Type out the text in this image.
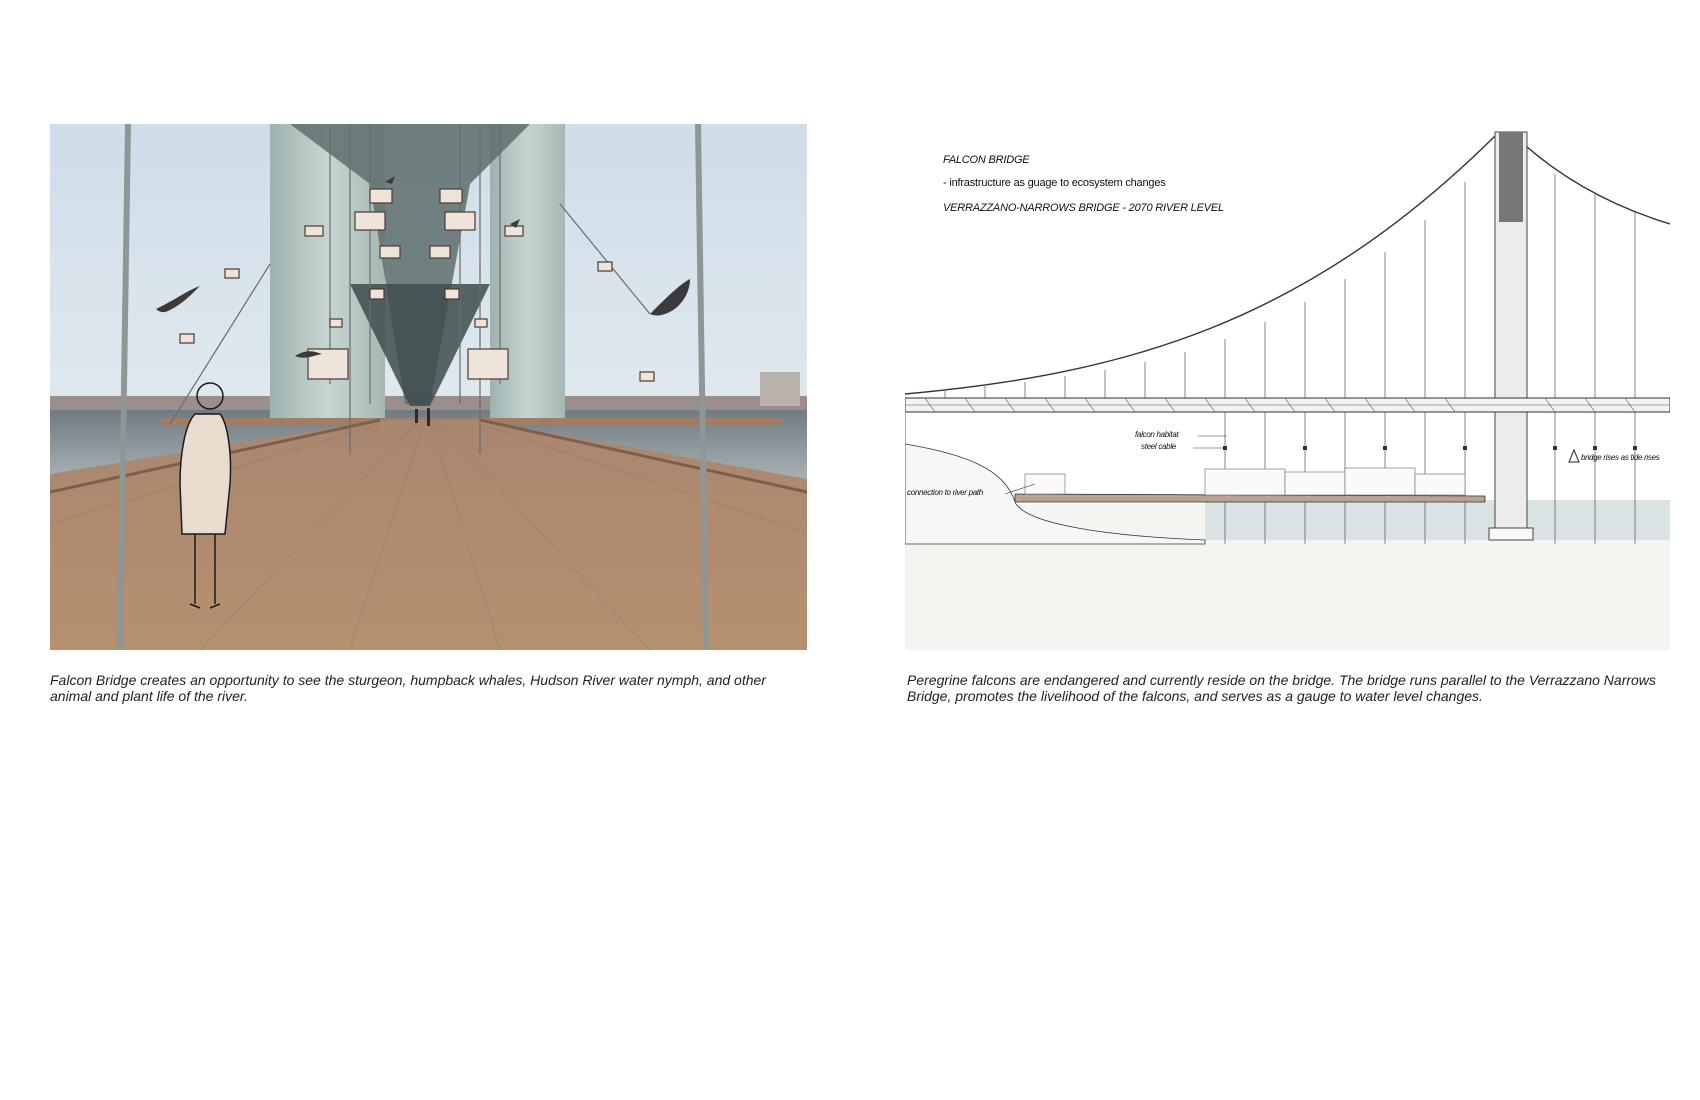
FALCON BRIDGE
- infrastructure as guage to ecosystem changes
VERRAZZANO-NARROWS BRIDGE - 2070 RIVER LEVEL
falcon habitat
steel cable
connection to river path
bridge rises as tide rises
Falcon Bridge creates an opportunity to see the sturgeon, humpback whales, Hudson River water nymph, and other animal and plant life of the river.
Peregrine falcons are endangered and currently reside on the bridge. The bridge runs parallel to the Verrazzano Narrows Bridge, promotes the livelihood of the falcons, and serves as a gauge to water level changes.
